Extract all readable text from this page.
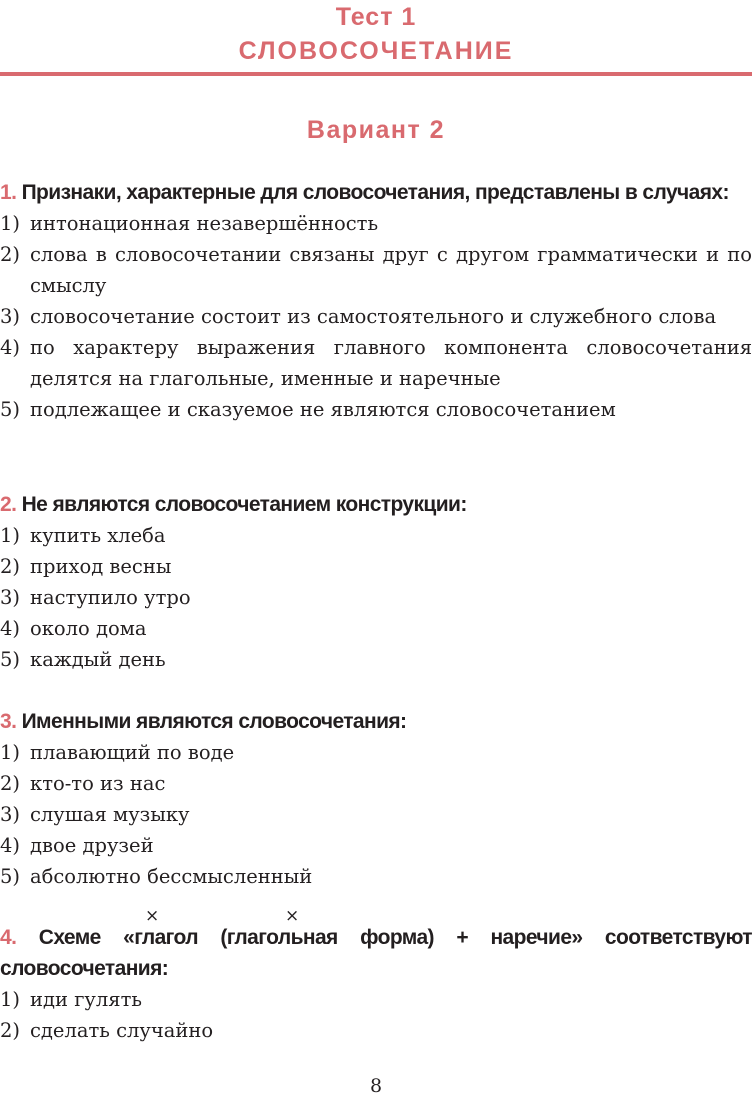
Тест 1
СЛОВОСОЧЕТАНИЕ
Вариант 2
1. Признаки, характерные для словосочетания, представлены в случаях:
1) интонационная незавершённость
2) слова в словосочетании связаны друг с другом грамматически и по смыслу
3) словосочетание состоит из самостоятельного и служебного слова
4) по характеру выражения главного компонента словосочетания делятся на глагольные, именные и наречные
5) подлежащее и сказуемое не являются словосочетанием
2. Не являются словосочетанием конструкции:
1) купить хлеба
2) приход весны
3) наступило утро
4) около дома
5) каждый день
3. Именными являются словосочетания:
1) плавающий по воде
2) кто-то из нас
3) слушая музыку
4) двое друзей
5) абсолютно бессмысленный
×	×
4. Схеме «глагол (глагольная форма) + наречие» соответствуют словосочетания:
1) иди гулять
2) сделать случайно
8
